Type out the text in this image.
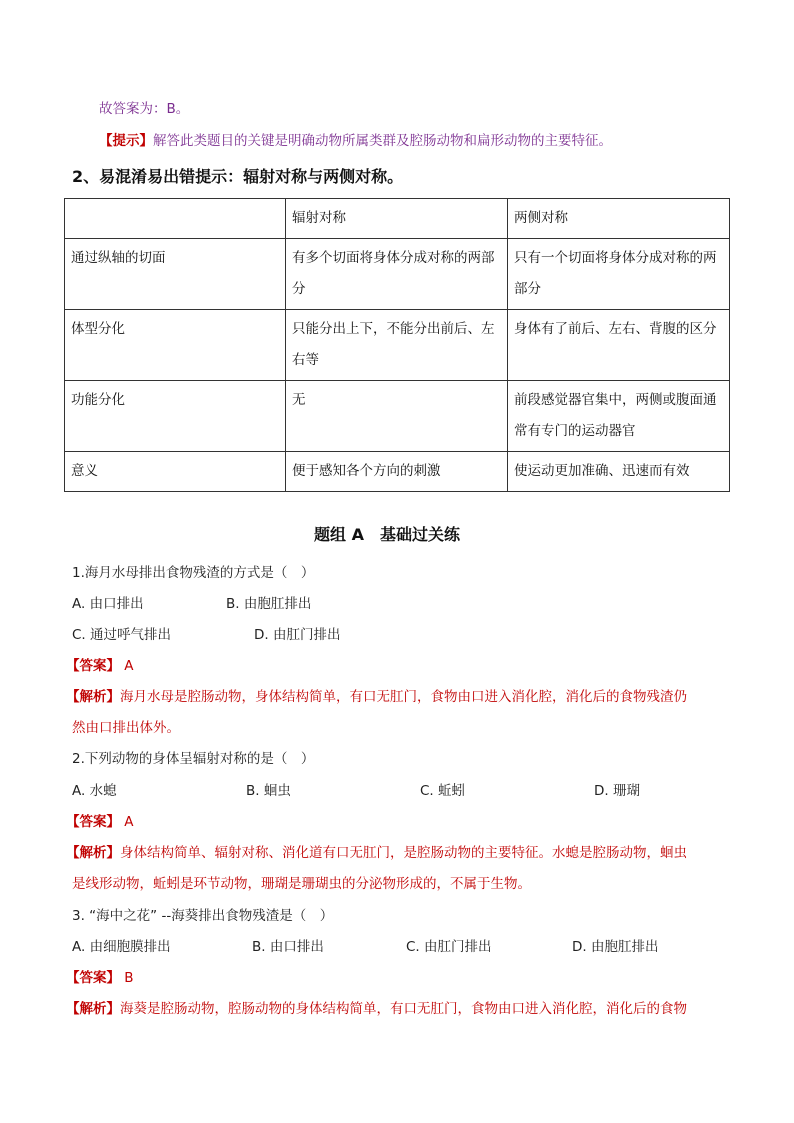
故答案为：B。
【提示】解答此类题目的关键是明确动物所属类群及腔肠动物和扁形动物的主要特征。
2、易混淆易出错提示：辐射对称与两侧对称。
	辐射对称	两侧对称
通过纵轴的切面	有多个切面将身体分成对称的两部分	只有一个切面将身体分成对称的两部分
体型分化	只能分出上下，不能分出前后、左右等	身体有了前后、左右、背腹的区分
功能分化	无	前段感觉器官集中，两侧或腹面通常有专门的运动器官
意义	便于感知各个方向的刺激	使运动更加准确、迅速而有效
题组 A　基础过关练
1.海月水母排出食物残渣的方式是（　）
A. 由口排出	B. 由胞肛排出
C. 通过呼气排出	D. 由肛门排出
【答案】 A
【解析】海月水母是腔肠动物，身体结构简单，有口无肛门，食物由口进入消化腔，消化后的食物残渣仍
然由口排出体外。
2.下列动物的身体呈辐射对称的是（　）
A. 水螅	B. 蛔虫	C. 蚯蚓	D. 珊瑚
【答案】 A
【解析】身体结构简单、辐射对称、消化道有口无肛门，是腔肠动物的主要特征。水螅是腔肠动物，蛔虫
是线形动物，蚯蚓是环节动物，珊瑚是珊瑚虫的分泌物形成的，不属于生物。
3. “海中之花” --海葵排出食物残渣是（　）
A. 由细胞膜排出	B. 由口排出	C. 由肛门排出	D. 由胞肛排出
【答案】 B
【解析】海葵是腔肠动物，腔肠动物的身体结构简单，有口无肛门，食物由口进入消化腔，消化后的食物
